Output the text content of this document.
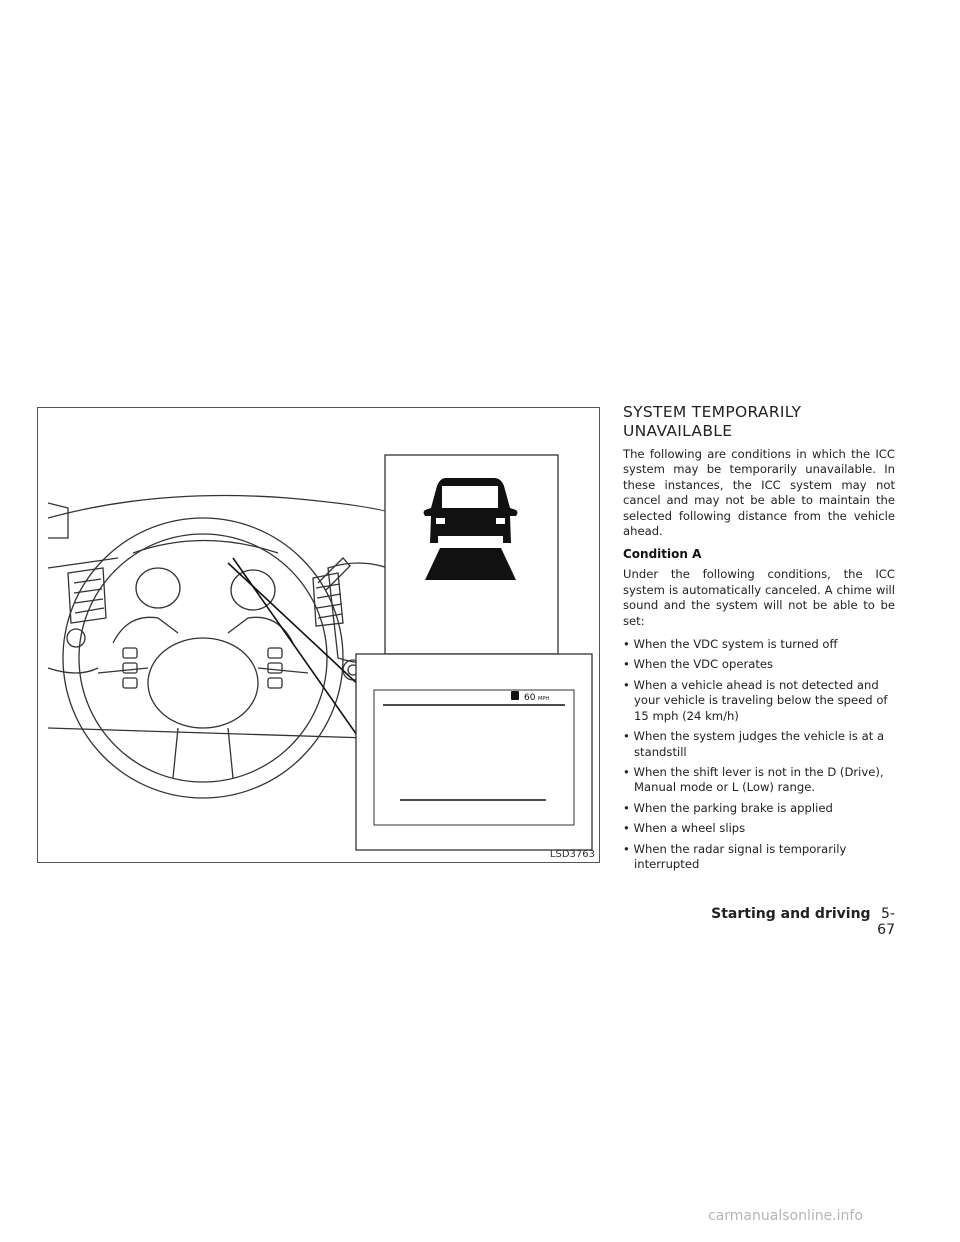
60 MPH
LSD3763
SYSTEM TEMPORARILY
UNAVAILABLE

The following are conditions in which the ICC system may be temporarily unavailable. In these instances, the ICC system may not cancel and may not be able to maintain the selected following distance from the vehicle ahead.

Condition A

Under the following conditions, the ICC system is automatically canceled. A chime will sound and the system will not be able to be set:

• When the VDC system is turned off
• When the VDC operates
• When a vehicle ahead is not detected and your vehicle is traveling below the speed of 15 mph (24 km/h)
• When the system judges the vehicle is at a standstill
• When the shift lever is not in the D (Drive), Manual mode or L (Low) range.
• When the parking brake is applied
• When a wheel slips
• When the radar signal is temporarily interrupted
Starting and driving 5-67
carmanualsonline.info
